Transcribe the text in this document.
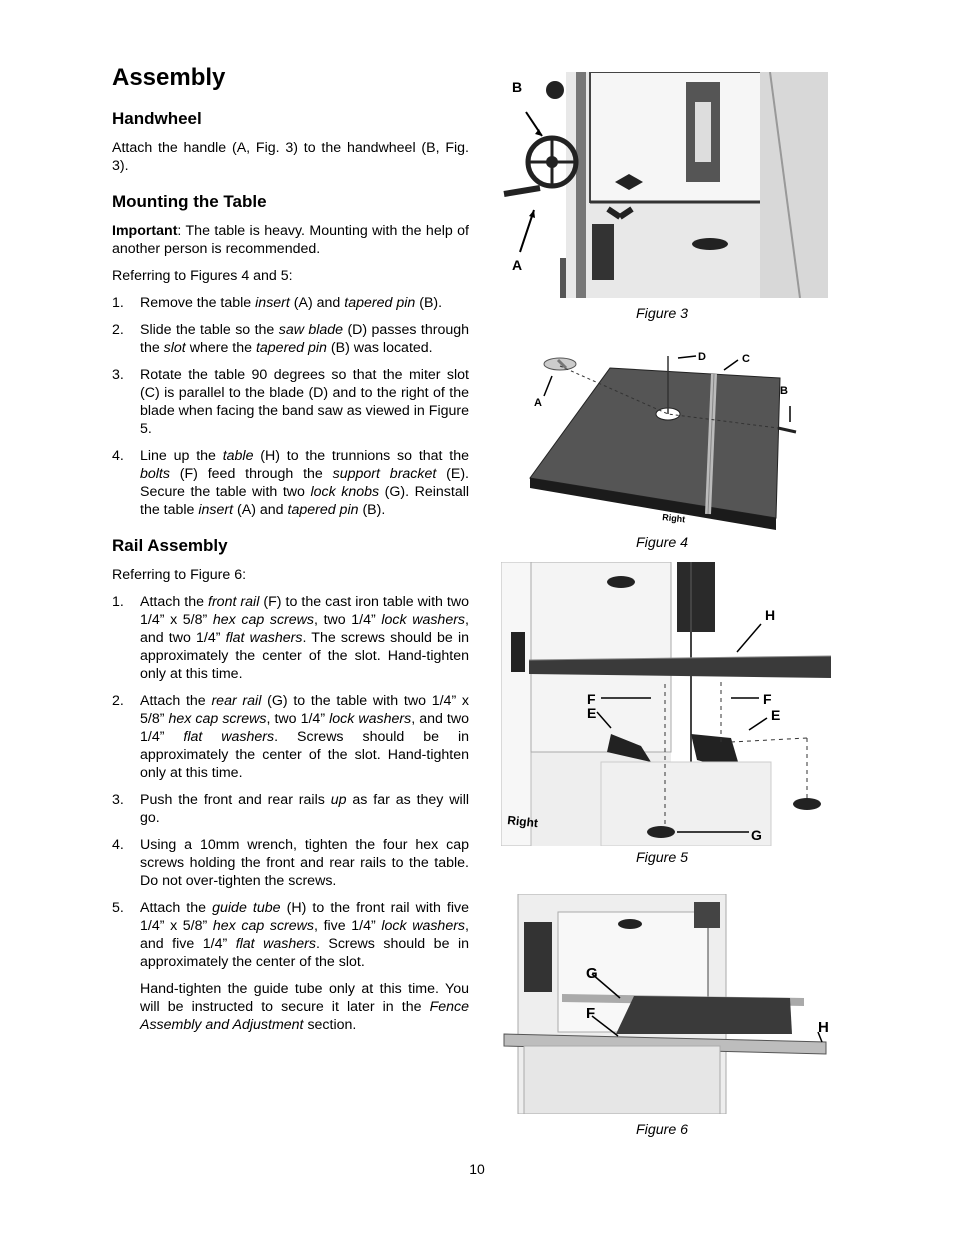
Assembly
Handwheel

Attach the handle (A, Fig. 3) to the handwheel (B, Fig. 3).

Mounting the Table

Important: The table is heavy. Mounting with the help of another person is recommended.

Referring to Figures 4 and 5:

1. Remove the table insert (A) and tapered pin (B).
2. Slide the table so the saw blade (D) passes through the slot where the tapered pin (B) was located.
3. Rotate the table 90 degrees so that the miter slot (C) is parallel to the blade (D) and to the right of the blade when facing the band saw as viewed in Figure 5.
4. Line up the table (H) to the trunnions so that the bolts (F) feed through the support bracket (E). Secure the table with two lock knobs (G). Reinstall the table insert (A) and tapered pin (B).
Rail Assembly

Referring to Figure 6:

1. Attach the front rail (F) to the cast iron table with two 1/4” x 5/8” hex cap screws, two 1/4” lock washers, and two 1/4” flat washers. The screws should be in approximately the center of the slot. Hand-tighten only at this time.
2. Attach the rear rail (G) to the table with two 1/4” x 5/8” hex cap screws, two 1/4” lock washers, and two 1/4” flat washers. Screws should be in approximately the center of the slot. Hand-tighten only at this time.
3. Push the front and rear rails up as far as they will go.
4. Using a 10mm wrench, tighten the four hex cap screws holding the front and rear rails to the table. Do not over-tighten the screws.
5. Attach the guide tube (H) to the front rail with five 1/4” x 5/8” hex cap screws, five 1/4” lock washers, and five 1/4” flat washers. Screws should be in approximately the center of the slot.

Hand-tighten the guide tube only at this time. You will be instructed to secure it later in the Fence Assembly and Adjustment section.

B
A
Figure 3
D	C
A
B
Right
Figure 4
F	F
E	E
G
H
Right
Figure 5
G
F
H
Figure 6
10
